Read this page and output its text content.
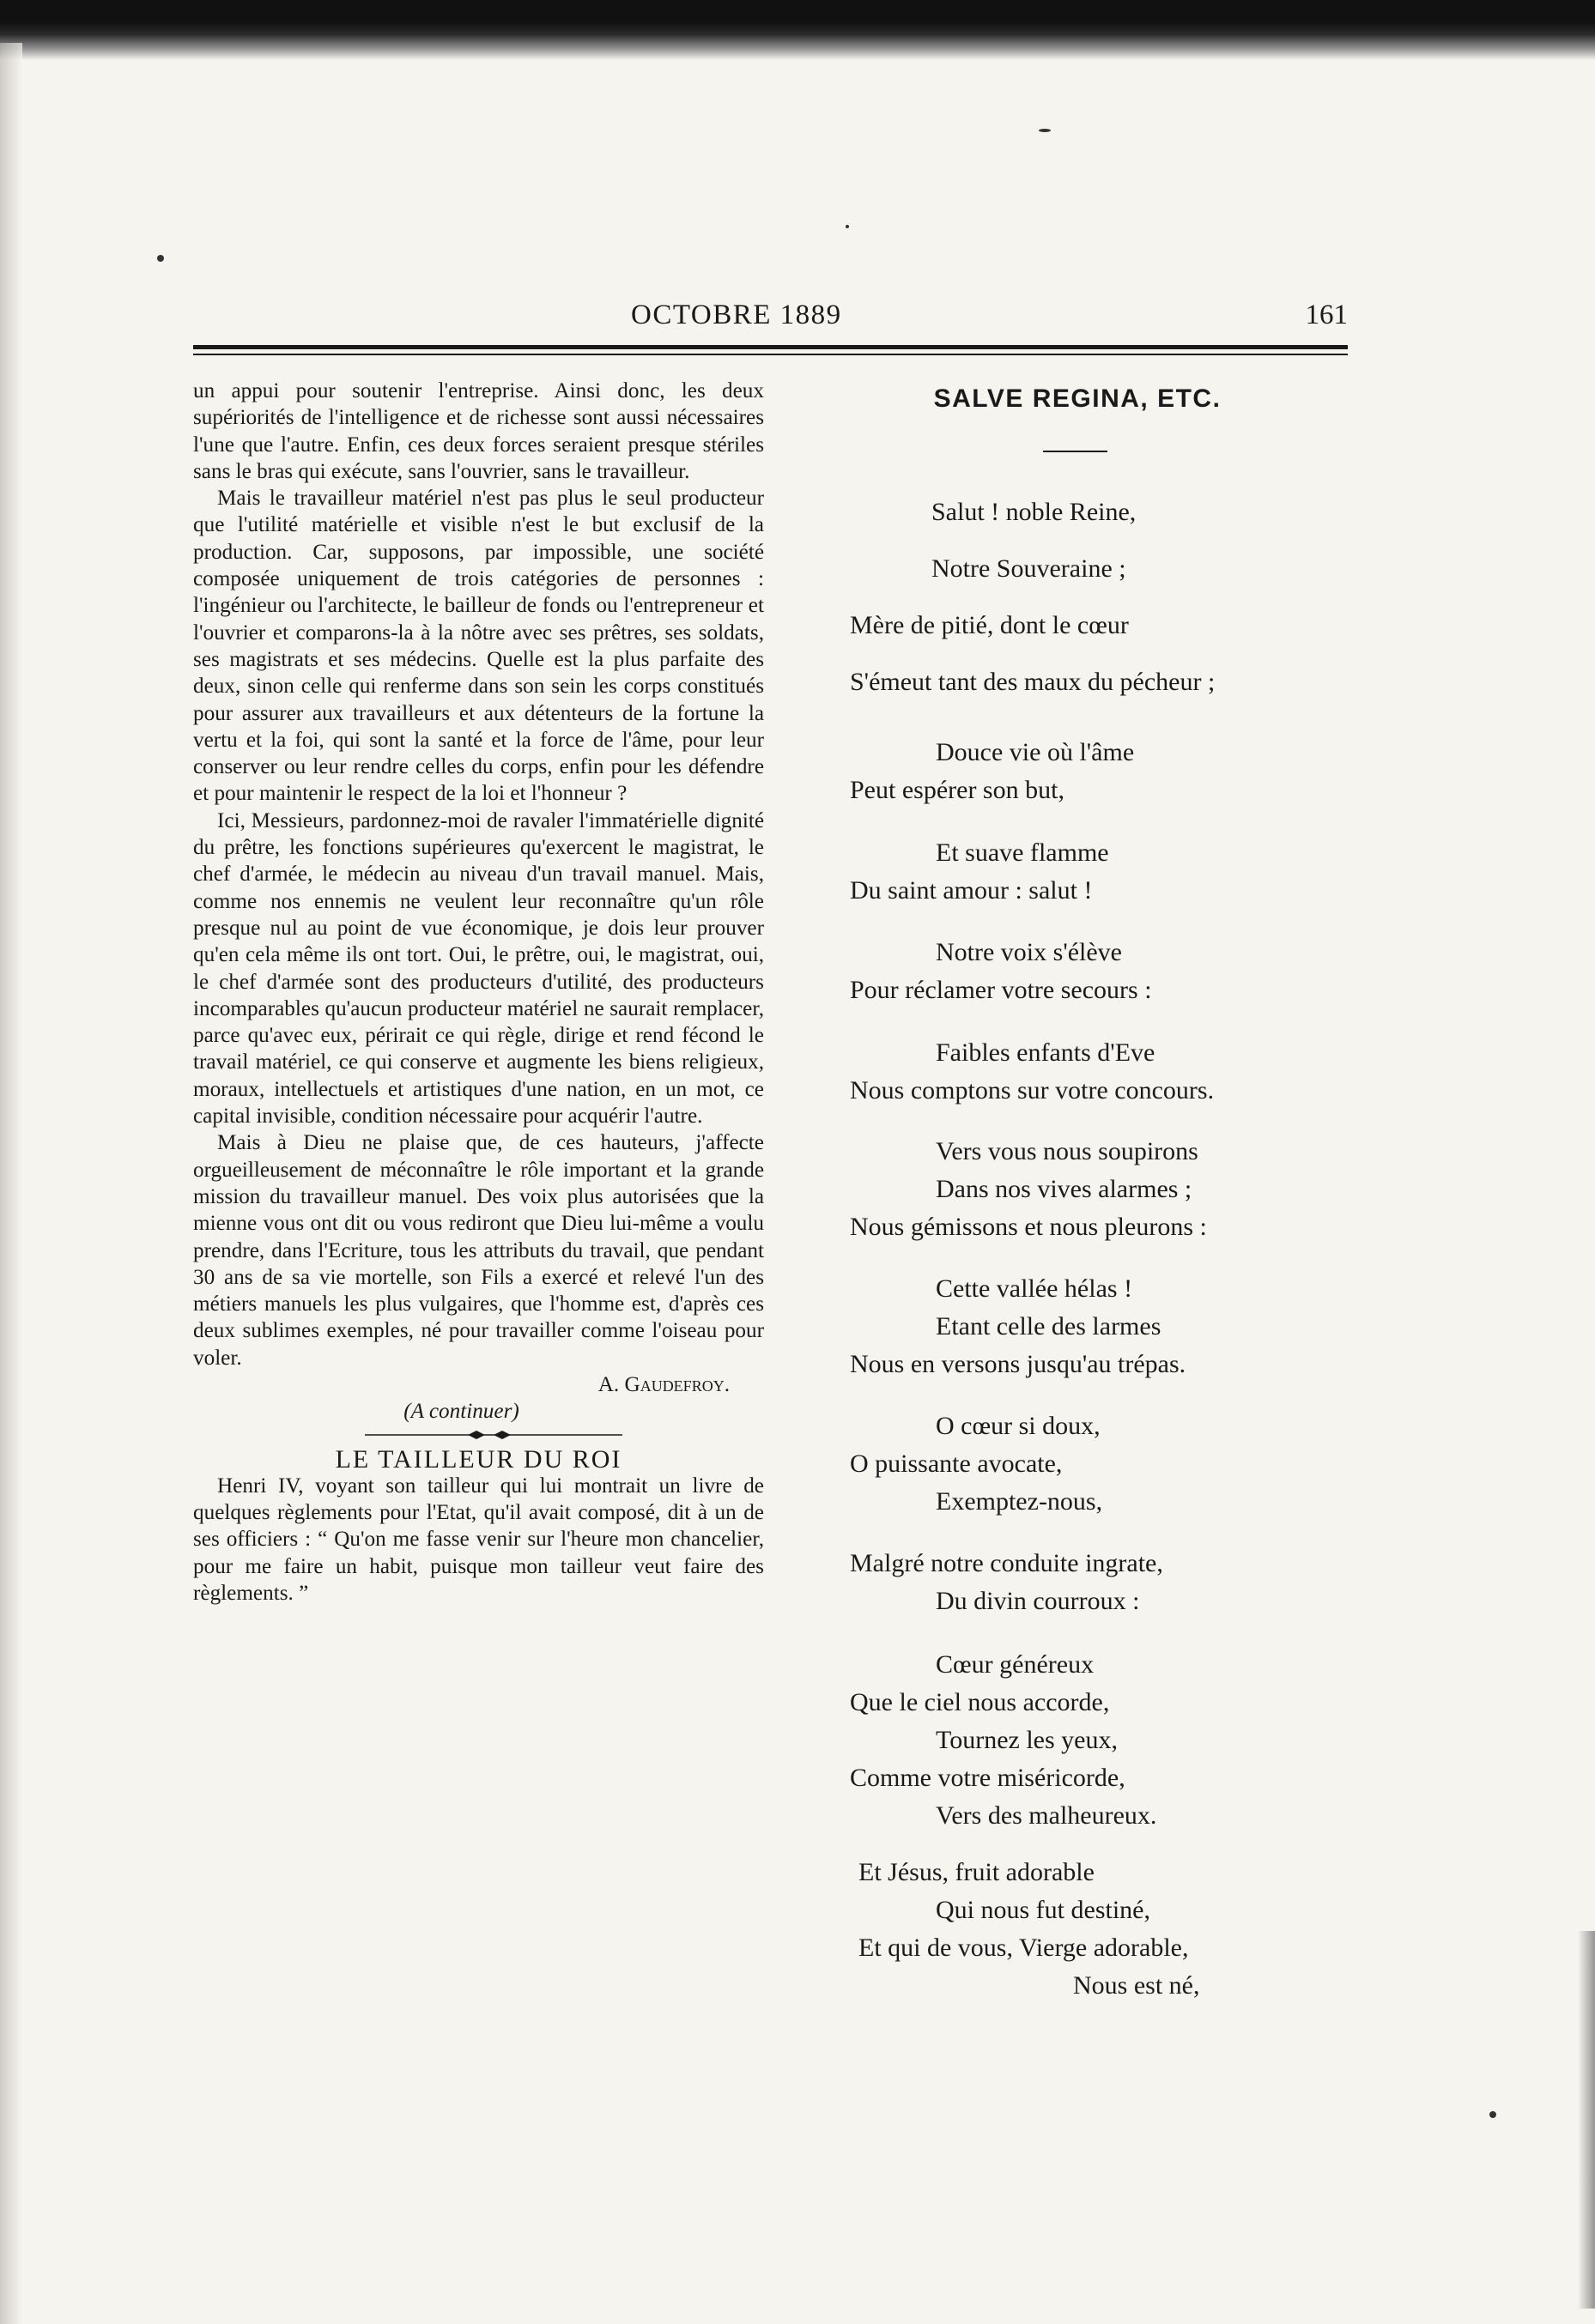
OCTOBRE 1889	161

un appui pour soutenir l'entreprise. Ainsi donc, les deux supériorités de l'intelligence et de richesse sont aussi nécessaires l'une que l'autre. Enfin, ces deux forces seraient presque stériles sans le bras qui exécute, sans l'ouvrier, sans le travailleur.

Mais le travailleur matériel n'est pas plus le seul producteur que l'utilité matérielle et visible n'est le but exclusif de la production. Car, supposons, par impossible, une société composée uniquement de trois catégories de personnes : l'ingénieur ou l'architecte, le bailleur de fonds ou l'entrepreneur et l'ouvrier et comparons-la à la nôtre avec ses prêtres, ses soldats, ses magistrats et ses médecins. Quelle est la plus parfaite des deux, sinon celle qui renferme dans son sein les corps constitués pour assurer aux travailleurs et aux détenteurs de la fortune la vertu et la foi, qui sont la santé et la force de l'âme, pour leur conserver ou leur rendre celles du corps, enfin pour les défendre et pour maintenir le respect de la loi et l'honneur ?

Ici, Messieurs, pardonnez-moi de ravaler l'immatérielle dignité du prêtre, les fonctions supérieures qu'exercent le magistrat, le chef d'armée, le médecin au niveau d'un travail manuel. Mais, comme nos ennemis ne veulent leur reconnaître qu'un rôle presque nul au point de vue économique, je dois leur prouver qu'en cela même ils ont tort. Oui, le prêtre, oui, le magistrat, oui, le chef d'armée sont des producteurs d'utilité, des producteurs incomparables qu'aucun producteur matériel ne saurait remplacer, parce qu'avec eux, périrait ce qui règle, dirige et rend fécond le travail matériel, ce qui conserve et augmente les biens religieux, moraux, intellectuels et artistiques d'une nation, en un mot, ce capital invisible, condition nécessaire pour acquérir l'autre.

Mais à Dieu ne plaise que, de ces hauteurs, j'affecte orgueilleusement de méconnaître le rôle important et la grande mission du travailleur manuel. Des voix plus autorisées que la mienne vous ont dit ou vous rediront que Dieu lui-même a voulu prendre, dans l'Ecriture, tous les attributs du travail, que pendant 30 ans de sa vie mortelle, son Fils a exercé et relevé l'un des métiers manuels les plus vulgaires, que l'homme est, d'après ces deux sublimes exemples, né pour travailler comme l'oiseau pour voler.

A. Gaudefroy.

(A continuer)

LE TAILLEUR DU ROI

Henri IV, voyant son tailleur qui lui montrait un livre de quelques règlements pour l'Etat, qu'il avait composé, dit à un de ses officiers : “ Qu'on me fasse venir sur l'heure mon chancelier, pour me faire un habit, puisque mon tailleur veut faire des règlements. ”

SALVE REGINA, ETC.

Salut ! noble Reine,
Notre Souveraine ;
Mère de pitié, dont le cœur
S'émeut tant des maux du pécheur ;

Douce vie où l'âme
Peut espérer son but,

Et suave flamme
Du saint amour : salut !

Notre voix s'élève
Pour réclamer votre secours :

Faibles enfants d'Eve
Nous comptons sur votre concours.

Vers vous nous soupirons
Dans nos vives alarmes ;
Nous gémissons et nous pleurons :

Cette vallée hélas !
Etant celle des larmes
Nous en versons jusqu'au trépas.

O cœur si doux,
O puissante avocate,
Exemptez-nous,

Malgré notre conduite ingrate,
Du divin courroux :

Cœur généreux
Que le ciel nous accorde,
Tournez les yeux,
Comme votre miséricorde,
Vers des malheureux.

Et Jésus, fruit adorable
Qui nous fut destiné,
Et qui de vous, Vierge adorable,
Nous est né,
